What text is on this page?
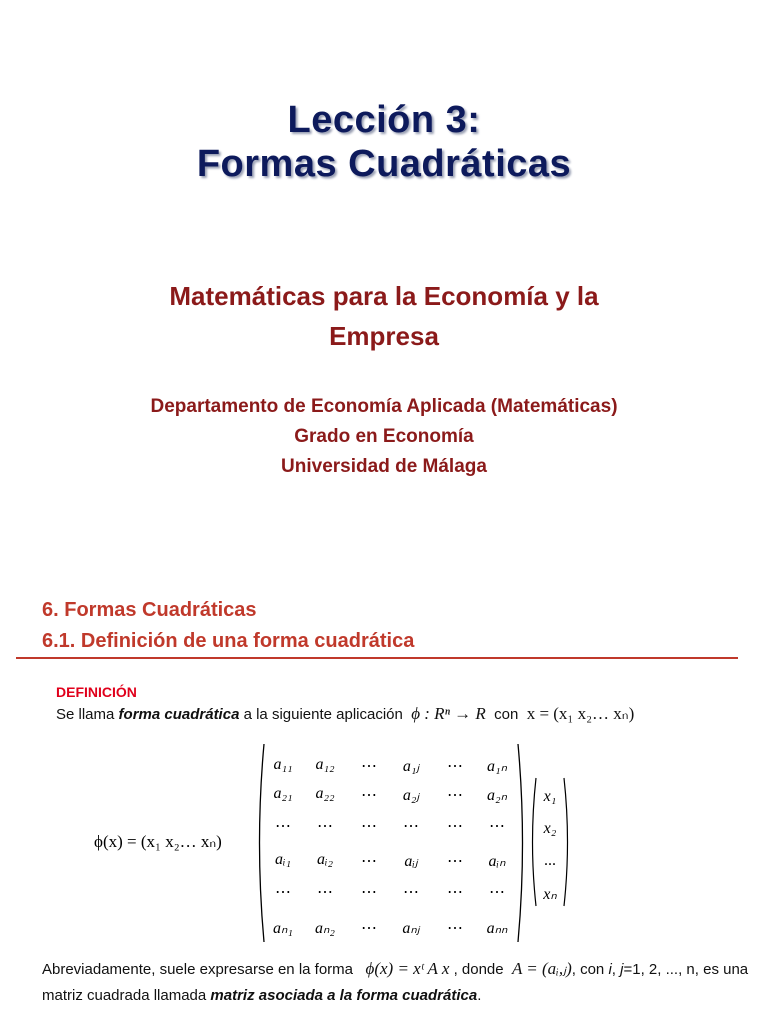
Lección 3:
Formas Cuadráticas
Matemáticas para la Economía y la
Empresa
Departamento de Economía Aplicada (Matemáticas)
Grado en Economía
Universidad de Málaga
6. Formas Cuadráticas
6.1. Definición de una forma cuadrática
DEFINICIÓN
Se llama forma cuadrática a la siguiente aplicación ϕ : Rⁿ → R con x = (x₁ x₂… xₙ)
ϕ(x) = (x₁ x₂… xₙ)
a₁₁	a₁₂	⋯	a₁ⱼ	⋯	a₁ₙ
a₂₁	a₂₂	⋯	a₂ⱼ	⋯	a₂ₙ
⋯	⋯	⋯	⋯	⋯	⋯
aᵢ₁	aᵢ₂	⋯	aᵢⱼ	⋯	aᵢₙ
⋯	⋯	⋯	⋯	⋯	⋯
aₙ₁	aₙ₂	⋯	aₙⱼ	⋯	aₙₙ
x₁
x₂
...
xₙ
Abreviadamente, suele expresarse en la forma ϕ(x) = xᵗ A x , donde A = (aᵢ,ⱼ), con i, j=1, 2, ..., n, es una matriz cuadrada llamada matriz asociada a la forma cuadrática.
